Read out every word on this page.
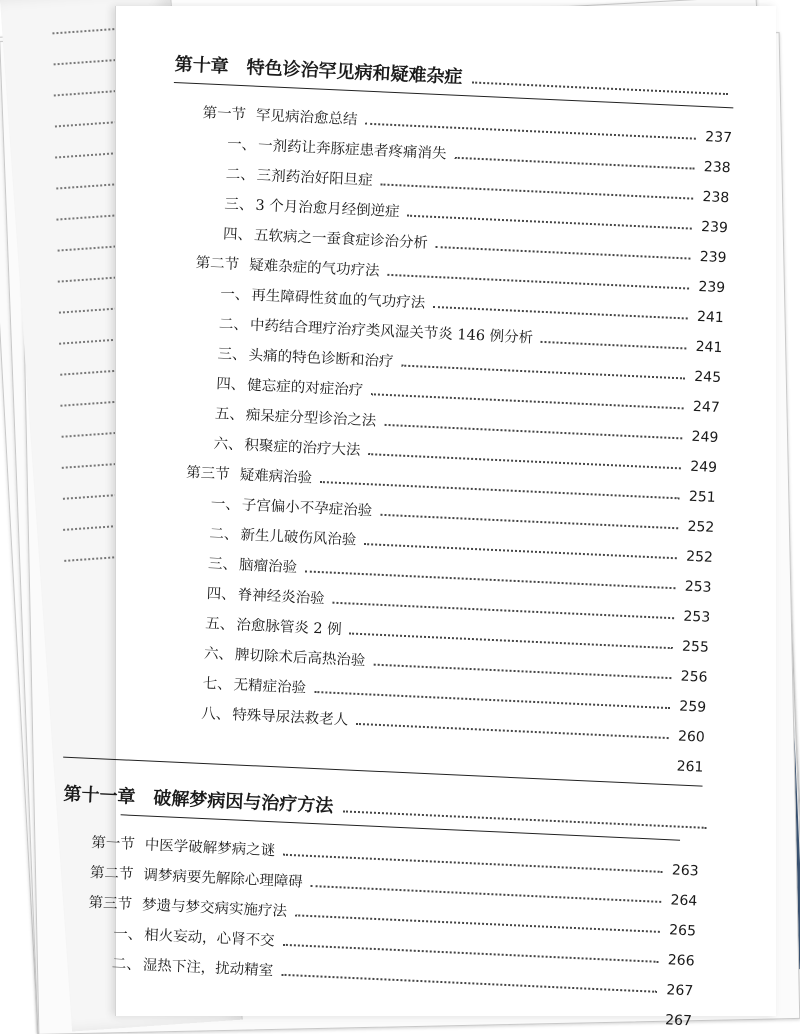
第十章 特色诊治罕见病和疑难杂症
第一节 罕见病治愈总结
237
一、 一剂药让奔豚症患者疼痛消失
238
二、 三剂药治好阳旦症
238
三、 3 个月治愈月经倒逆症
239
四、 五软病之一蚕食症诊治分析
239
第二节 疑难杂症的气功疗法
239
一、 再生障碍性贫血的气功疗法
241
二、 中药结合理疗治疗类风湿关节炎 146 例分析
241
三、 头痛的特色诊断和治疗
245
四、 健忘症的对症治疗
247
五、 痴呆症分型诊治之法
249
六、 积聚症的治疗大法
249
第三节 疑难病治验
251
一、 子宫偏小不孕症治验
252
二、 新生儿破伤风治验
252
三、 脑瘤治验
253
四、 脊神经炎治验
253
五、 治愈脉管炎 2 例
255
六、 脾切除术后高热治验
256
七、 无精症治验
259
八、 特殊导尿法救老人
260
261
第十一章 破解梦病因与治疗方法
第一节 中医学破解梦病之谜
263
第二节 调梦病要先解除心理障碍
264
第三节 梦遗与梦交病实施疗法
265
一、 相火妄动，心肾不交
266
二、 湿热下注，扰动精室
267
267
